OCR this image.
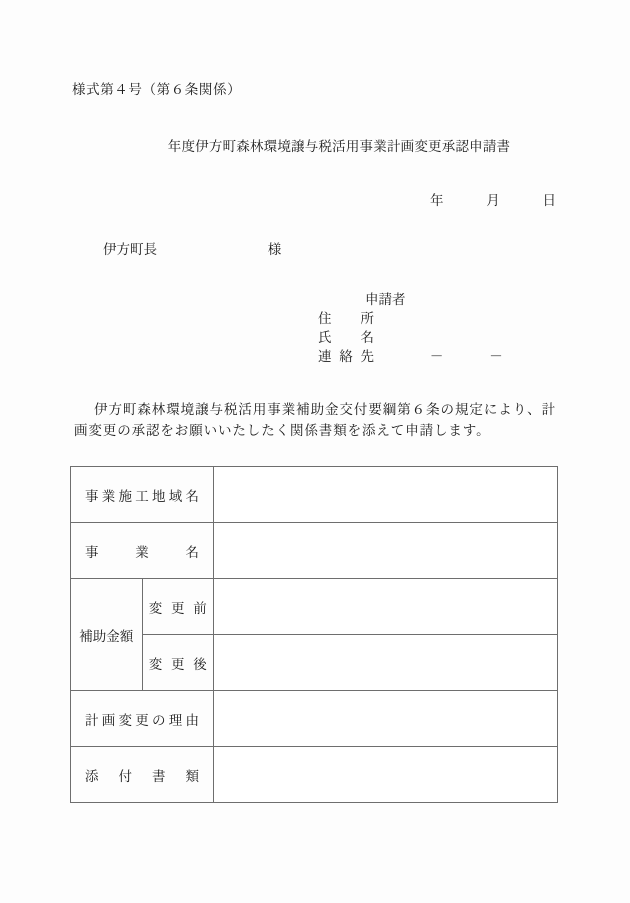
様式第４号（第６条関係）
年度伊方町森林環境譲与税活用事業計画変更承認申請書
年	月	日
伊方町長	様
申請者
住所
氏名
連絡先	－	－
伊方町森林環境譲与税活用事業補助金交付要綱第６条の規定により、計画変更の承認をお願いいたしたく関係書類を添えて申請します。
事業施工地域名		

事業名		

補助金額	変更前	

	変更後	

計画変更の理由		

添付書類		
